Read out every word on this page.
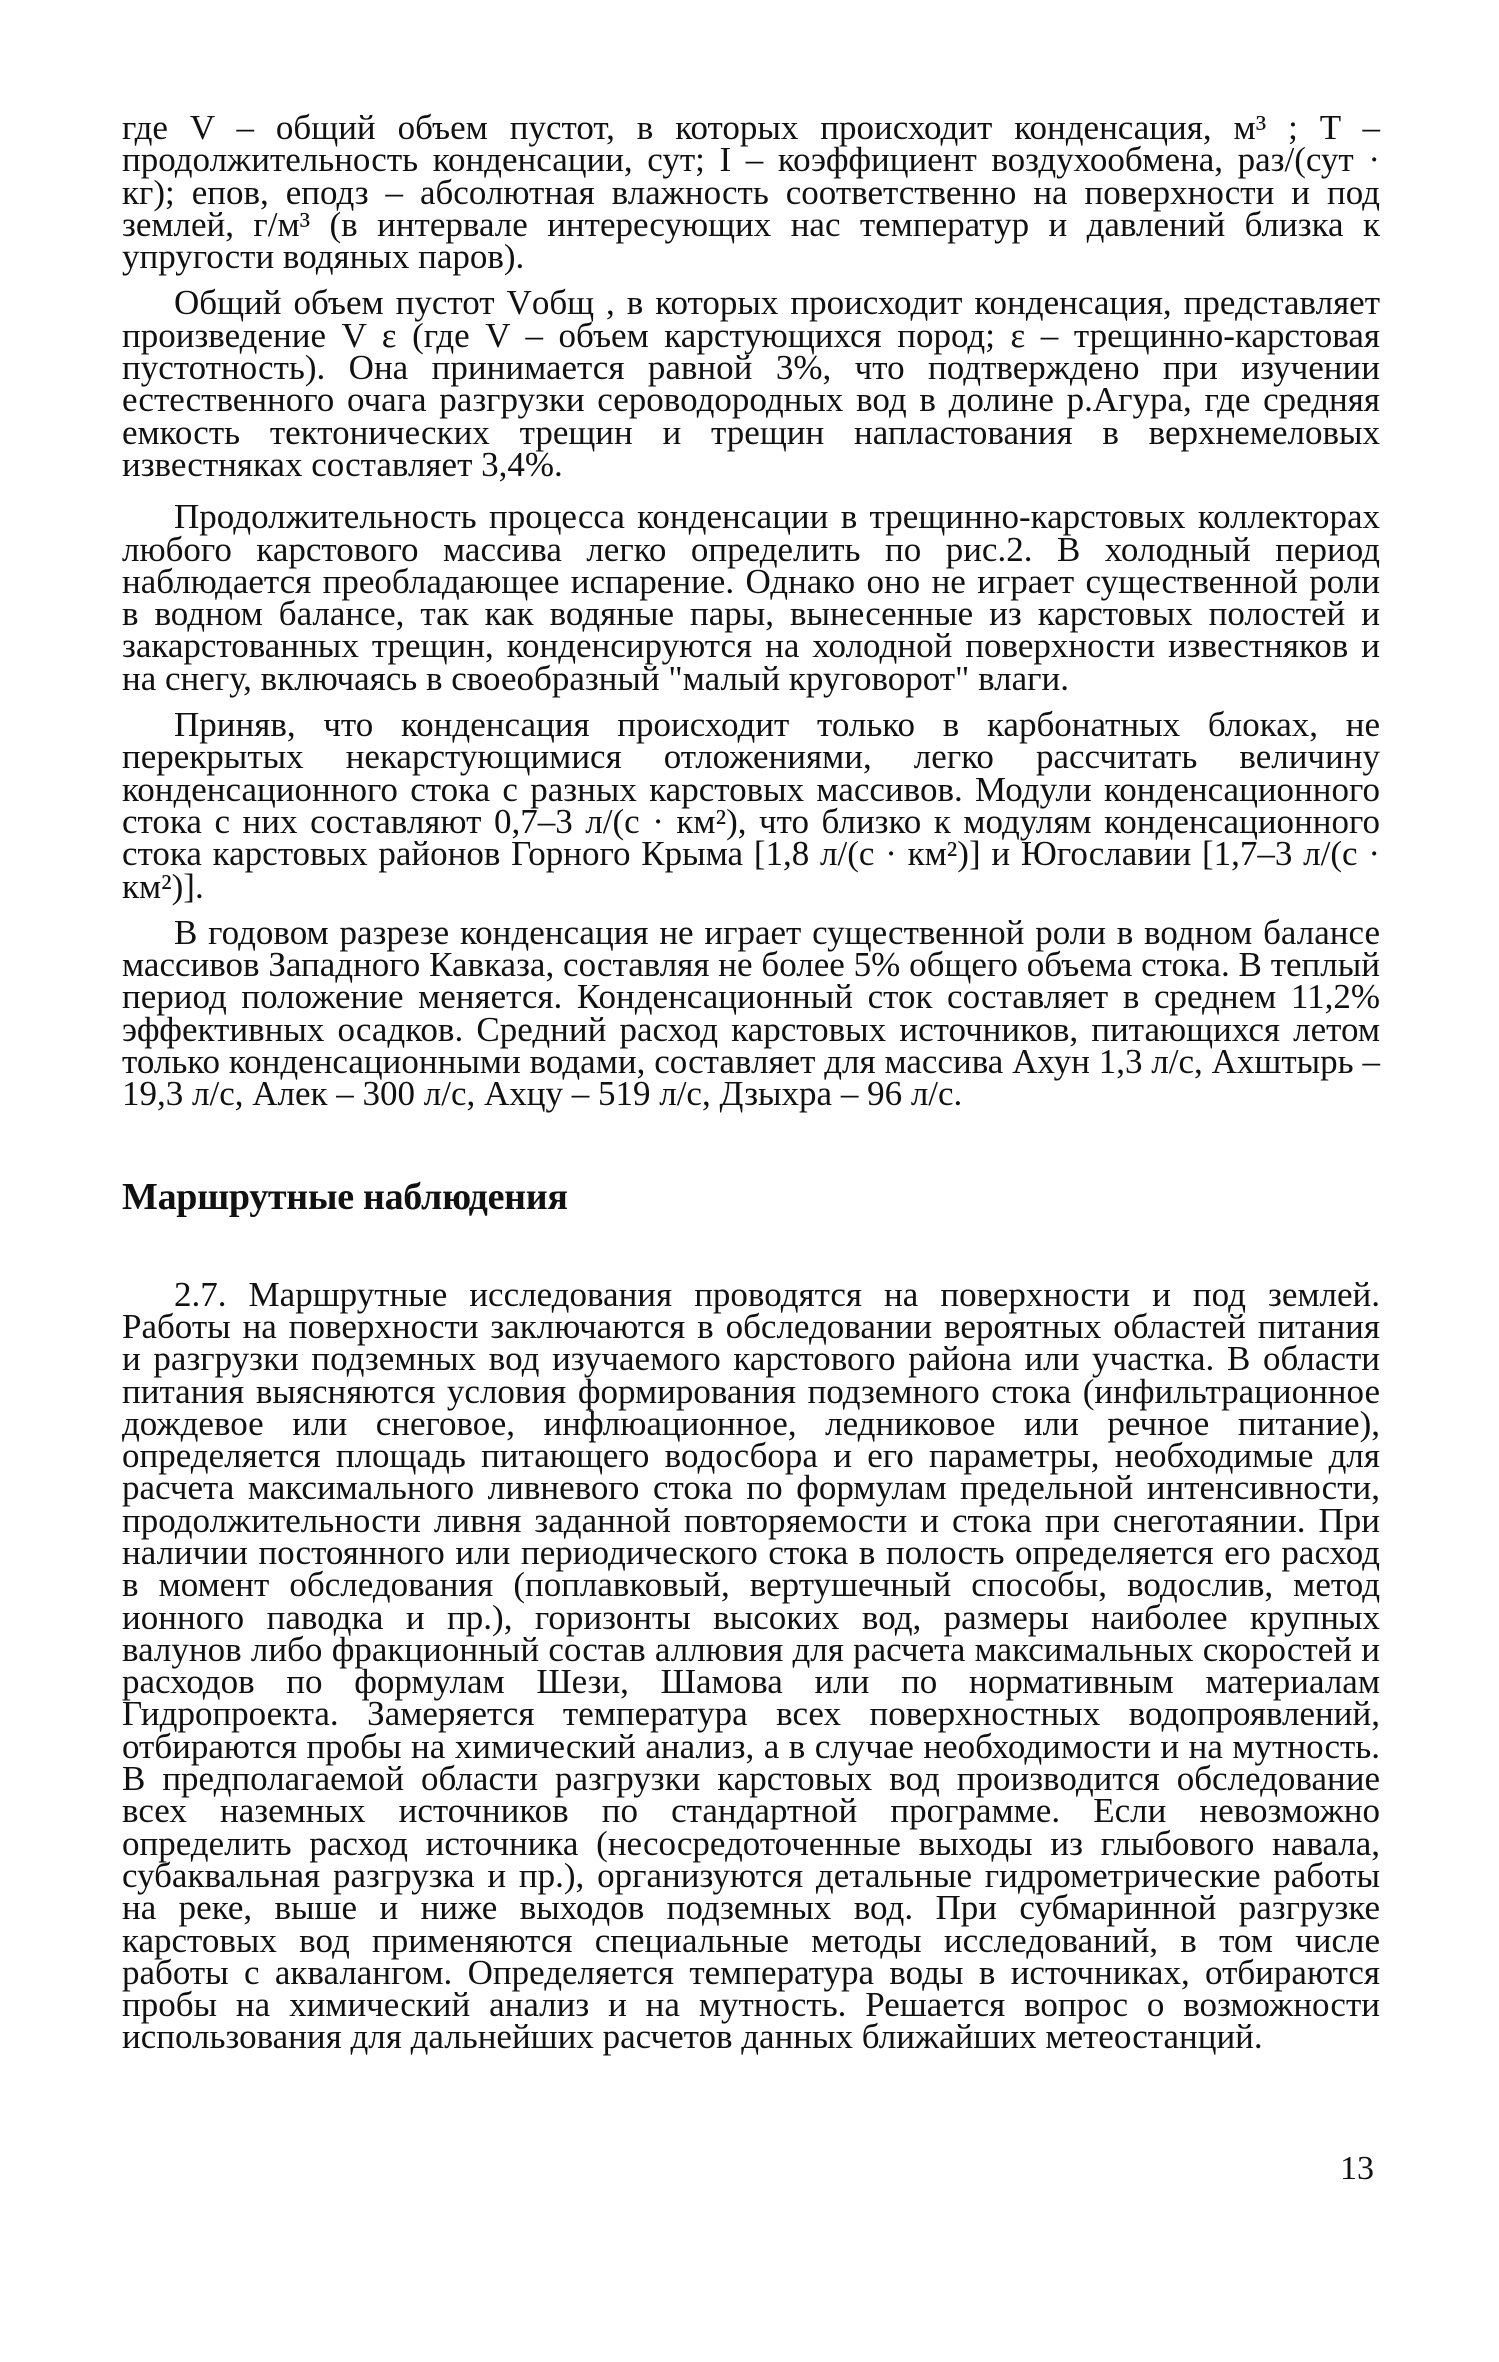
где V – общий объем пустот, в которых происходит конденсация, м³ ; T – продолжительность конденсации, сут; I – коэффициент воздухообмена, раз/(сут · кг); eпов, eподз – абсолютная влажность соответственно на поверхности и под землей, г/м³ (в интервале интересующих нас температур и давлений близка к упругости водяных паров).

Общий объем пустот Vобщ , в которых происходит конденсация, представляет произведение V ε (где V – объем карстующихся пород; ε – трещинно-карстовая пустотность). Она принимается равной 3%, что подтверждено при изучении естественного очага разгрузки сероводородных вод в долине р.Агура, где средняя емкость тектонических трещин и трещин напластования в верхнемеловых известняках составляет 3,4%.

Продолжительность процесса конденсации в трещинно-карстовых коллекторах любого карстового массива легко определить по рис.2. В холодный период наблюдается преобладающее испарение. Однако оно не играет существенной роли в водном балансе, так как водяные пары, вынесенные из карстовых полостей и закарстованных трещин, конденсируются на холодной поверхности известняков и на снегу, включаясь в своеобразный "малый круговорот" влаги.

Приняв, что конденсация происходит только в карбонатных блоках, не перекрытых некарстующимися отложениями, легко рассчитать величину конденсационного стока с разных карстовых массивов. Модули конденсационного стока с них составляют 0,7–3 л/(с · км²), что близко к модулям конденсационного стока карстовых районов Горного Крыма [1,8 л/(с · км²)] и Югославии [1,7–3 л/(с · км²)].

В годовом разрезе конденсация не играет существенной роли в водном балансе массивов Западного Кавказа, составляя не более 5% общего объема стока. В теплый период положение меняется. Конденсационный сток составляет в среднем 11,2% эффективных осадков. Средний расход карстовых источников, питающихся летом только конденсационными водами, составляет для массива Ахун 1,3 л/с, Ахштырь – 19,3 л/с, Алек – 300 л/с, Ахцу – 519 л/с, Дзыхра – 96 л/с.

Маршрутные наблюдения

2.7. Маршрутные исследования проводятся на поверхности и под землей. Работы на поверхности заключаются в обследовании вероятных областей питания и разгрузки подземных вод изучаемого карстового района или участка. В области питания выясняются условия формирования подземного стока (инфильтрационное дождевое или снеговое, инфлюационное, ледниковое или речное питание), определяется площадь питающего водосбора и его параметры, необходимые для расчета максимального ливневого стока по формулам предельной интенсивности, продолжительности ливня заданной повторяемости и стока при снеготаянии. При наличии постоянного или периодического стока в полость определяется его расход в момент обследования (поплавковый, вертушечный способы, водослив, метод ионного паводка и пр.), горизонты высоких вод, размеры наиболее крупных валунов либо фракционный состав аллювия для расчета максимальных скоростей и расходов по формулам Шези, Шамова или по нормативным материалам Гидропроекта. Замеряется температура всех поверхностных водопроявлений, отбираются пробы на химический анализ, а в случае необходимости и на мутность. В предполагаемой области разгрузки карстовых вод производится обследование всех наземных источников по стандартной программе. Если невозможно определить расход источника (несосредоточенные выходы из глыбового навала, субаквальная разгрузка и пр.), организуются детальные гидрометрические работы на реке, выше и ниже выходов подземных вод. При субмаринной разгрузке карстовых вод применяются специальные методы исследований, в том числе работы с аквалангом. Определяется температура воды в источниках, отбираются пробы на химический анализ и на мутность. Решается вопрос о возможности использования для дальнейших расчетов данных ближайших метеостанций.

13
